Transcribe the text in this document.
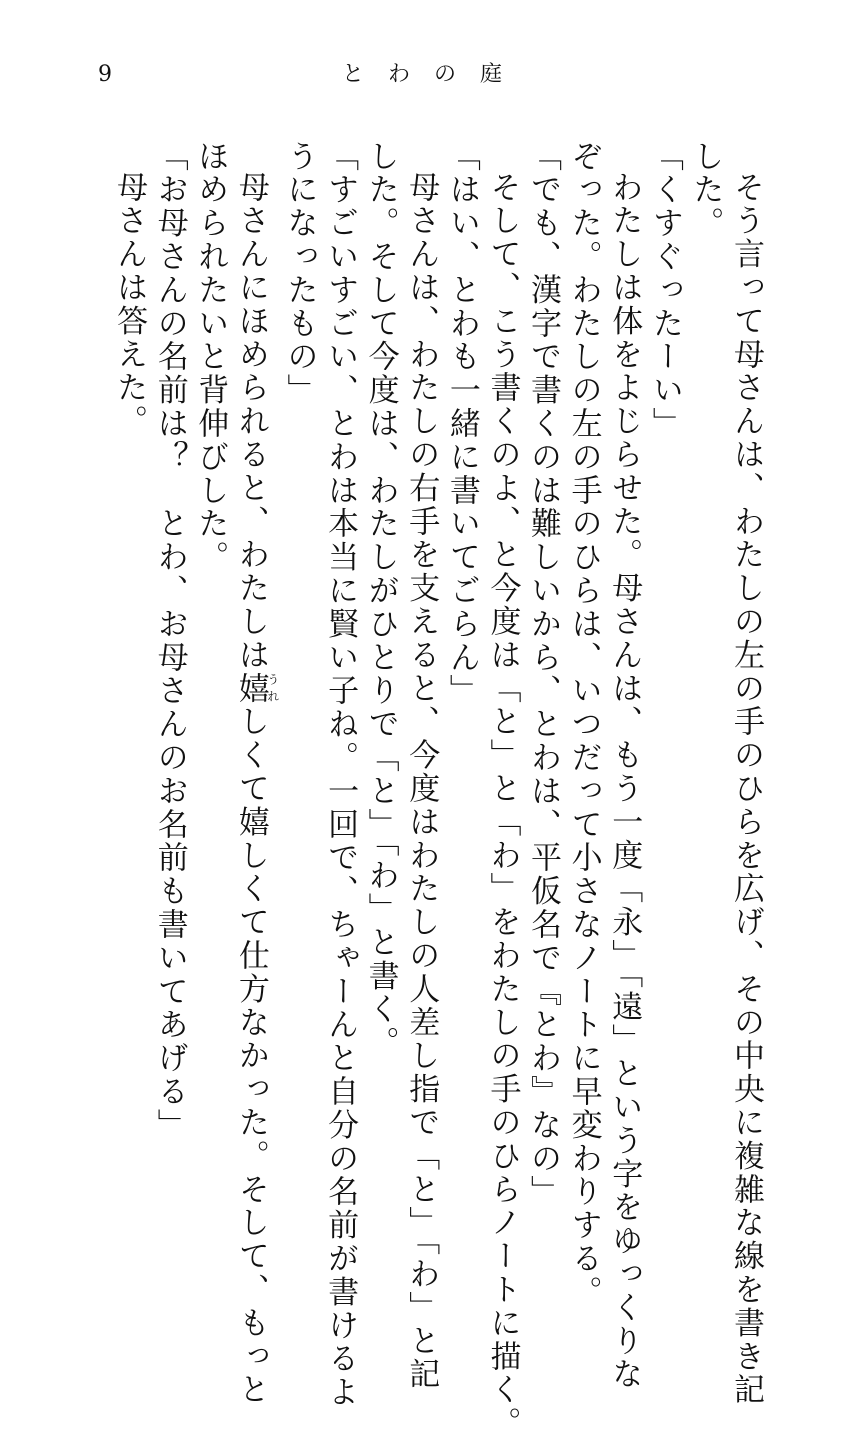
9	とわの庭
そう言って母さんは、わたしの左の手のひらを広げ、その中央に複雑な線を書き記
した。
「くすぐったーい」
わたしは体をよじらせた。母さんは、もう一度「永」「遠」という字をゆっくりな
ぞった。わたしの左の手のひらは、いつだって小さなノートに早変わりする。
「でも、漢字で書くのは難しいから、とわは、平仮名で『とわ』なの」
そして、こう書くのよ、と今度は「と」と「わ」をわたしの手のひらノートに描く。
「はい、とわも一緒に書いてごらん」
母さんは、わたしの右手を支えると、今度はわたしの人差し指で「と」「わ」と記
した。そして今度は、わたしがひとりで「と」「わ」と書く。
「すごいすごい、とわは本当に賢い子ね。一回で、ちゃーんと自分の名前が書けるよ
うになったもの」
母さんにほめられると、わたしは嬉うれしくて嬉しくて仕方なかった。そして、もっと
ほめられたいと背伸びした。
「お母さんの名前は？　とわ、お母さんのお名前も書いてあげる」
母さんは答えた。
